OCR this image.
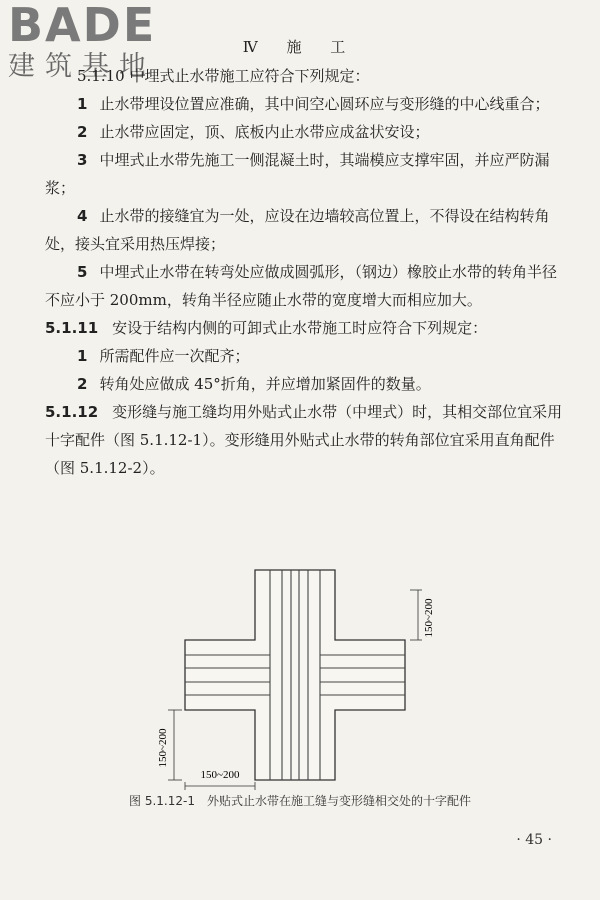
BADE
建筑基地
Ⅳ 施 工

5.1.10 中埋式止水带施工应符合下列规定：

1 止水带埋设位置应准确，其中间空心圆环应与变形缝的中心线重合；

2 止水带应固定，顶、底板内止水带应成盆状安设；

3 中埋式止水带先施工一侧混凝土时，其端模应支撑牢固，并应严防漏浆；

4 止水带的接缝宜为一处，应设在边墙较高位置上，不得设在结构转角处，接头宜采用热压焊接；

5 中埋式止水带在转弯处应做成圆弧形，（钢边）橡胶止水带的转角半径不应小于 200mm，转角半径应随止水带的宽度增大而相应加大。

5.1.11 安设于结构内侧的可卸式止水带施工时应符合下列规定：

1 所需配件应一次配齐；

2 转角处应做成 45°折角，并应增加紧固件的数量。

5.1.12 变形缝与施工缝均用外贴式止水带（中埋式）时，其相交部位宜采用十字配件（图 5.1.12-1）。变形缝用外贴式止水带的转角部位宜采用直角配件（图 5.1.12-2）。

150~200
150~200
150~200
图 5.1.12-1　外贴式止水带在施工缝与变形缝相交处的十字配件
· 45 ·
